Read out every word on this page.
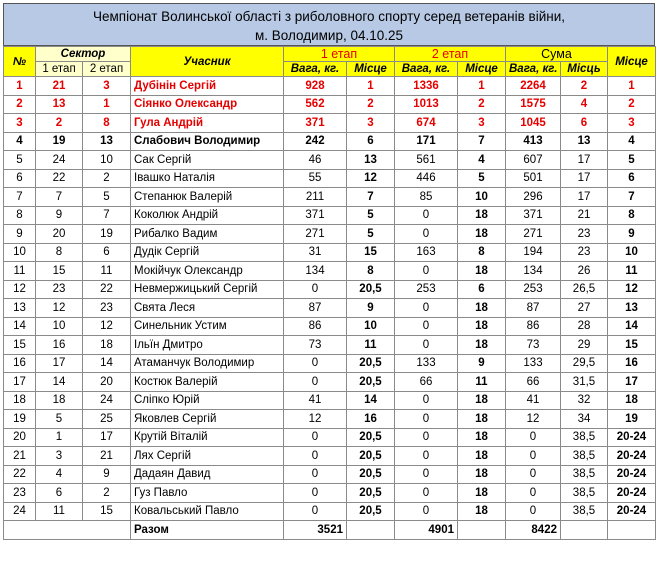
Чемпіонат Волинської області з риболовного спорту серед ветеранів війни,
м. Володимир, 04.10.25
№	Сектор		Учасник	1 етап		2 етап		Сума		Місце
	1 етап	2 етап		Вага, кг.	Місце	Вага, кг.	Місце	Вага, кг.	Місць	
1	21	3	Дубінін Сергій	928	1	1336	1	2264	2	1
2	13	1	Сіянко Олександр	562	2	1013	2	1575	4	2
3	2	8	Гула Андрій	371	3	674	3	1045	6	3
4	19	13	Слабович Володимир	242	6	171	7	413	13	4
5	24	10	Сак Сергій	46	13	561	4	607	17	5
6	22	2	Івашко Наталія	55	12	446	5	501	17	6
7	7	5	Степанюк Валерій	211	7	85	10	296	17	7
8	9	7	Коколюк Андрій	371	5	0	18	371	21	8
9	20	19	Рибалко Вадим	271	5	0	18	271	23	9
10	8	6	Дудік Сергій	31	15	163	8	194	23	10
11	15	11	Мокійчук Олександр	134	8	0	18	134	26	11
12	23	22	Невмержицький Сергій	0	20,5	253	6	253	26,5	12
13	12	23	Свята Леся	87	9	0	18	87	27	13
14	10	12	Синельник Устим	86	10	0	18	86	28	14
15	16	18	Ільїн Дмитро	73	11	0	18	73	29	15
16	17	14	Атаманчук Володимир	0	20,5	133	9	133	29,5	16
17	14	20	Костюк Валерій	0	20,5	66	11	66	31,5	17
18	18	24	Сліпко Юрій	41	14	0	18	41	32	18
19	5	25	Яковлев Сергій	12	16	0	18	12	34	19
20	1	17	Крутій Віталій	0	20,5	0	18	0	38,5	20-24
21	3	21	Лях Сергій	0	20,5	0	18	0	38,5	20-24
22	4	9	Дадаян Давид	0	20,5	0	18	0	38,5	20-24
23	6	2	Гуз Павло	0	20,5	0	18	0	38,5	20-24
24	11	15	Ковальський Павло	0	20,5	0	18	0	38,5	20-24
			Разом	3521		4901		8422		
